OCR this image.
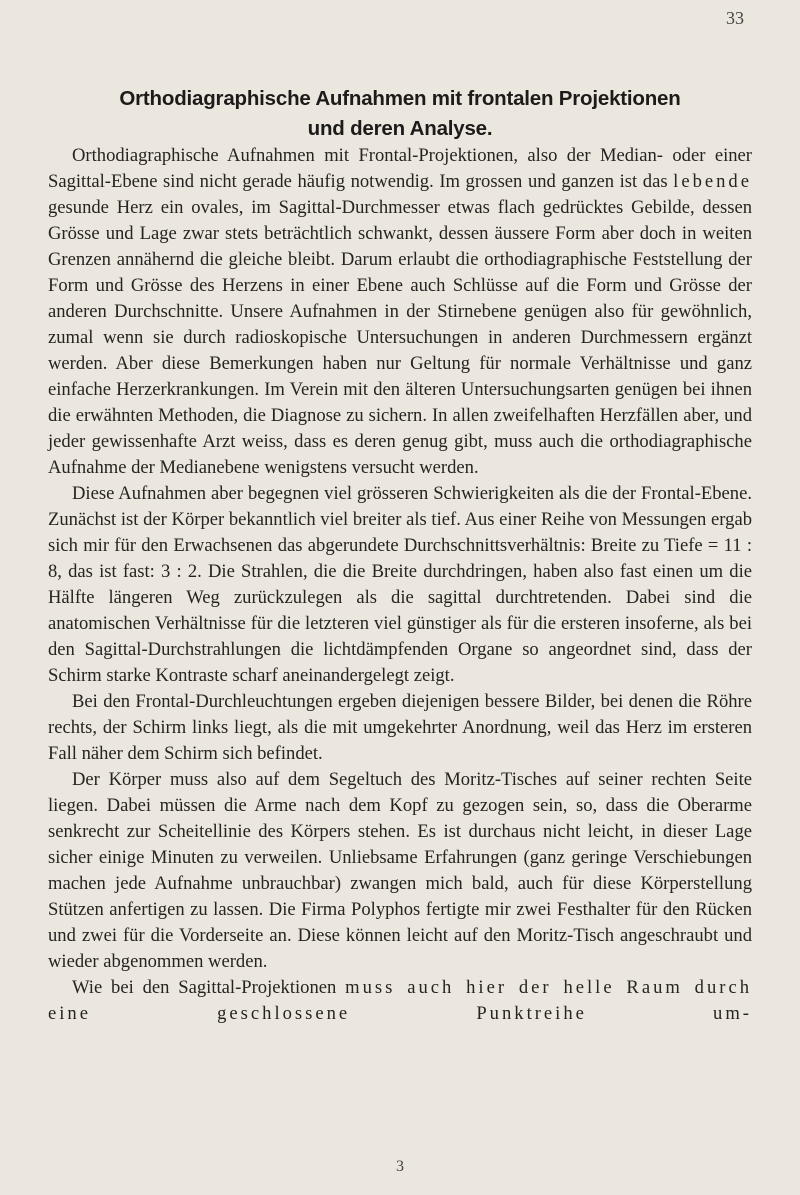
33
Orthodiagraphische Aufnahmen mit frontalen Projektionen
und deren Analyse.

Orthodiagraphische Aufnahmen mit Frontal-Projektionen, also der Median- oder einer Sagittal-Ebene sind nicht gerade häufig notwendig. Im grossen und ganzen ist das lebende gesunde Herz ein ovales, im Sagittal-Durchmesser etwas flach gedrücktes Gebilde, dessen Grösse und Lage zwar stets beträchtlich schwankt, dessen äussere Form aber doch in weiten Grenzen annähernd die gleiche bleibt. Darum erlaubt die orthodiagraphische Feststellung der Form und Grösse des Herzens in einer Ebene auch Schlüsse auf die Form und Grösse der anderen Durchschnitte. Unsere Aufnahmen in der Stirnebene genügen also für gewöhnlich, zumal wenn sie durch radioskopische Untersuchungen in anderen Durchmessern ergänzt werden. Aber diese Bemerkungen haben nur Geltung für normale Verhältnisse und ganz einfache Herzerkrankungen. Im Verein mit den älteren Untersuchungsarten genügen bei ihnen die erwähnten Methoden, die Diagnose zu sichern. In allen zweifelhaften Herzfällen aber, und jeder gewissenhafte Arzt weiss, dass es deren genug gibt, muss auch die orthodiagraphische Aufnahme der Medianebene wenigstens versucht werden.

Diese Aufnahmen aber begegnen viel grösseren Schwierigkeiten als die der Frontal-Ebene. Zunächst ist der Körper bekanntlich viel breiter als tief. Aus einer Reihe von Messungen ergab sich mir für den Erwachsenen das abgerundete Durchschnittsverhältnis: Breite zu Tiefe = 11 : 8, das ist fast: 3 : 2. Die Strahlen, die die Breite durchdringen, haben also fast einen um die Hälfte längeren Weg zurückzulegen als die sagittal durchtretenden. Dabei sind die anatomischen Verhältnisse für die letzteren viel günstiger als für die ersteren insoferne, als bei den Sagittal-Durchstrahlungen die lichtdämpfenden Organe so angeordnet sind, dass der Schirm starke Kontraste scharf aneinandergelegt zeigt.

Bei den Frontal-Durchleuchtungen ergeben diejenigen bessere Bilder, bei denen die Röhre rechts, der Schirm links liegt, als die mit umgekehrter Anordnung, weil das Herz im ersteren Fall näher dem Schirm sich befindet.

Der Körper muss also auf dem Segeltuch des Moritz-Tisches auf seiner rechten Seite liegen. Dabei müssen die Arme nach dem Kopf zu gezogen sein, so, dass die Oberarme senkrecht zur Scheitellinie des Körpers stehen. Es ist durchaus nicht leicht, in dieser Lage sicher einige Minuten zu verweilen. Unliebsame Erfahrungen (ganz geringe Verschiebungen machen jede Aufnahme unbrauchbar) zwangen mich bald, auch für diese Körperstellung Stützen anfertigen zu lassen. Die Firma Polyphos fertigte mir zwei Festhalter für den Rücken und zwei für die Vorderseite an. Diese können leicht auf den Moritz-Tisch angeschraubt und wieder abgenommen werden.

Wie bei den Sagittal-Projektionen muss auch hier der helle Raum durch eine geschlossene Punktreihe um-

3
